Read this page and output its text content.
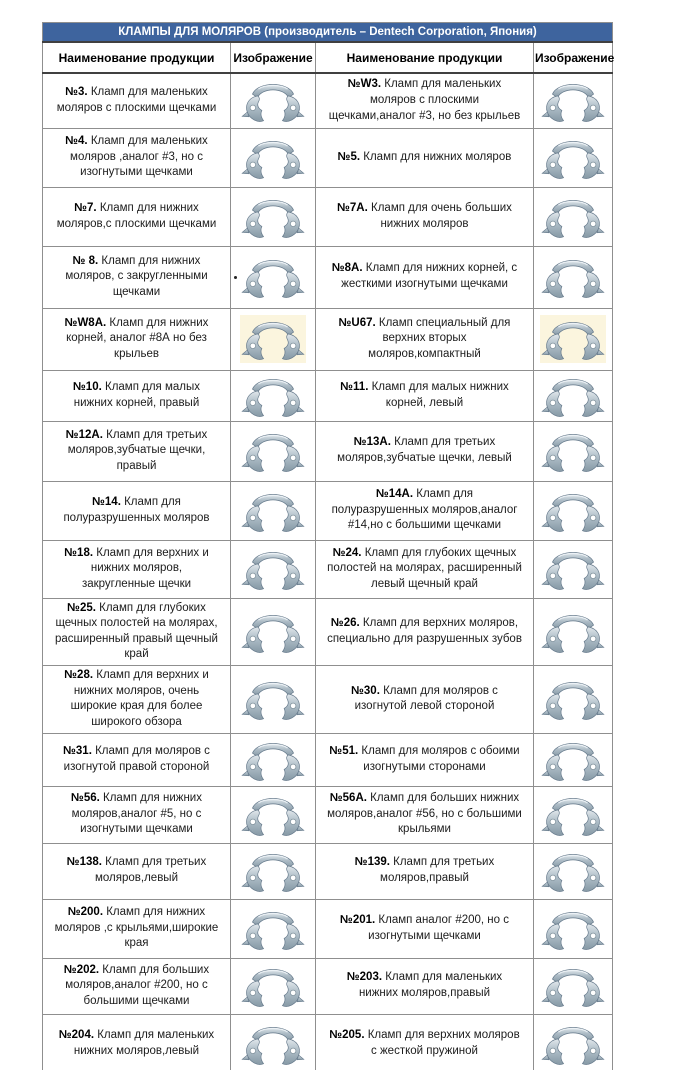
КЛАМПЫ ДЛЯ МОЛЯРОВ (производитель – Dentech Corporation, Япония)			
Наименование продукции	Изображение	Наименование продукции	Изображение
№3. Кламп для маленьких моляров с плоскими щечками		№W3. Кламп для маленьких моляров с плоскими щечками,аналог #3, но без крыльев	

№4. Кламп для маленьких моляров ,аналог #3, но с изогнутыми щечками		№5. Кламп для нижних моляров	

№7. Кламп для нижних моляров,с плоскими щечками		№7А. Кламп для очень больших нижних моляров	

№ 8. Кламп для нижних моляров, с закругленными щечками		№8А. Кламп для нижних корней, с жесткими изогнутыми щечками	

№W8A. Кламп для нижних корней, аналог #8А но без крыльев		№U67. Кламп специальный для верхних вторых моляров,компактный	

№10. Кламп для малых нижних корней, правый		№11. Кламп для малых нижних корней, левый	

№12А. Кламп для третьих моляров,зубчатые щечки, правый		№13А. Кламп для третьих моляров,зубчатые щечки, левый	

№14. Кламп для полуразрушенных моляров		№14А. Кламп для полуразрушенных моляров,аналог #14,но с большими щечками	

№18. Кламп для верхних и нижних моляров, закругленные щечки		№24. Кламп для глубоких щечных полостей на молярах, расширенный левый щечный край	

№25. Кламп для глубоких щечных полостей на молярах, расширенный правый щечный край		№26. Кламп для верхних моляров, специально для разрушенных зубов	

№28. Кламп для верхних и нижних моляров, очень широкие края для более широкого обзора		№30. Кламп для моляров с изогнутой левой стороной	

№31. Кламп для моляров с изогнутой правой стороной		№51. Кламп для моляров с обоими изогнутыми сторонами	

№56. Кламп для нижних моляров,аналог #5, но с изогнутыми щечками		№56А. Кламп для больших нижних моляров,аналог #56, но с большими крыльями	

№138. Кламп для третьих моляров,левый		№139. Кламп для третьих моляров,правый	

№200. Кламп для нижних моляров ,с крыльями,широкие края		№201. Кламп аналог #200, но с изогнутыми щечками	

№202. Кламп для больших моляров,аналог #200, но с большими щечками		№203. Кламп для маленьких нижних моляров,правый	

№204. Кламп для маленьких нижних моляров,левый		№205. Кламп для верхних моляров с жесткой пружиной	
